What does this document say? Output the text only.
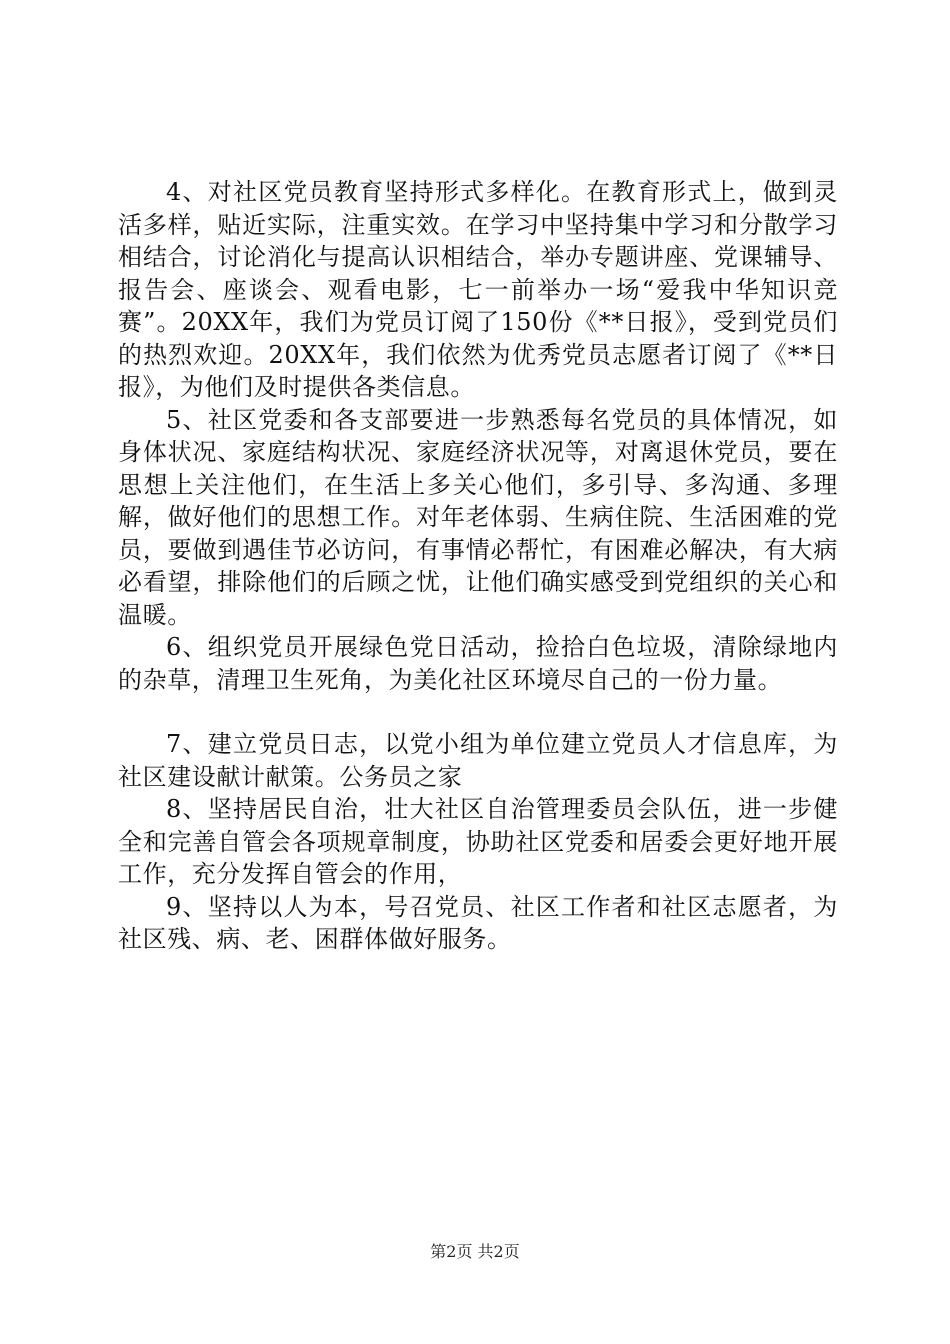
4、对社区党员教育坚持形式多样化。在教育形式上，做到灵活多样，贴近实际，注重实效。在学习中坚持集中学习和分散学习相结合，讨论消化与提高认识相结合，举办专题讲座、党课辅导、报告会、座谈会、观看电影，七一前举办一场“爱我中华知识竞赛”。20XX年，我们为党员订阅了150份《**日报》，受到党员们的热烈欢迎。20XX年，我们依然为优秀党员志愿者订阅了《**日报》，为他们及时提供各类信息。

5、社区党委和各支部要进一步熟悉每名党员的具体情况，如身体状况、家庭结构状况、家庭经济状况等，对离退休党员，要在思想上关注他们，在生活上多关心他们，多引导、多沟通、多理解，做好他们的思想工作。对年老体弱、生病住院、生活困难的党员，要做到遇佳节必访问，有事情必帮忙，有困难必解决，有大病必看望，排除他们的后顾之忧，让他们确实感受到党组织的关心和温暖。

6、组织党员开展绿色党日活动，捡拾白色垃圾，清除绿地内的杂草，清理卫生死角，为美化社区环境尽自己的一份力量。

7、建立党员日志，以党小组为单位建立党员人才信息库，为社区建设献计献策。公务员之家

8、坚持居民自治，壮大社区自治管理委员会队伍，进一步健全和完善自管会各项规章制度，协助社区党委和居委会更好地开展工作，充分发挥自管会的作用，

9、坚持以人为本，号召党员、社区工作者和社区志愿者，为社区残、病、老、困群体做好服务。

第2页 共2页
